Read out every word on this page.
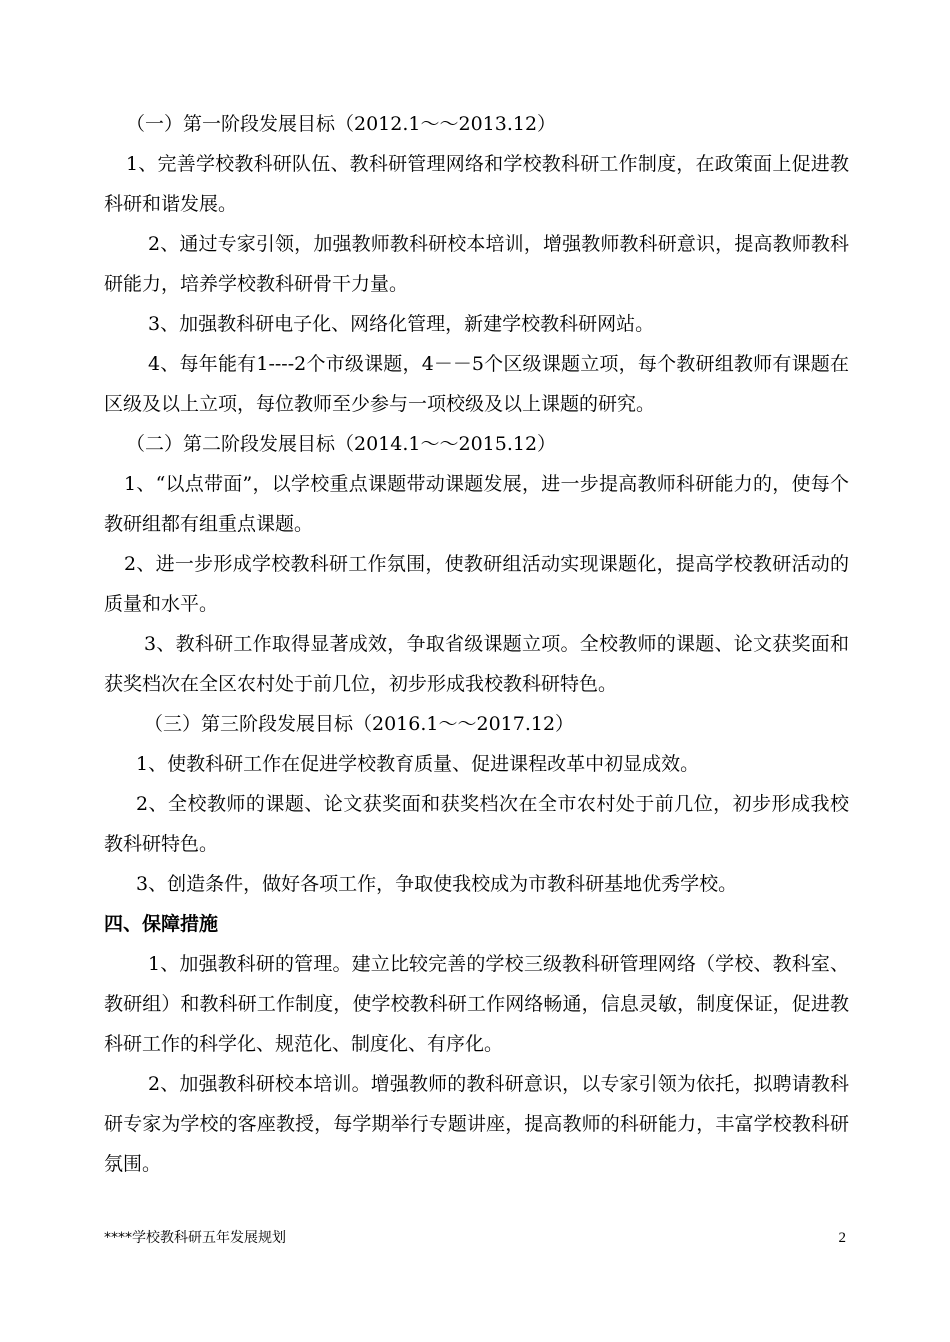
（一）第一阶段发展目标（2012.1～～2013.12）

1、完善学校教科研队伍、教科研管理网络和学校教科研工作制度，在政策面上促进教科研和谐发展。

2、通过专家引领，加强教师教科研校本培训，增强教师教科研意识，提高教师教科研能力，培养学校教科研骨干力量。

3、加强教科研电子化、网络化管理，新建学校教科研网站。

4、每年能有1----2个市级课题，4－－5个区级课题立项，每个教研组教师有课题在区级及以上立项，每位教师至少参与一项校级及以上课题的研究。

（二）第二阶段发展目标（2014.1～～2015.12）

1、“以点带面”，以学校重点课题带动课题发展，进一步提高教师科研能力的，使每个教研组都有组重点课题。

2、进一步形成学校教科研工作氛围，使教研组活动实现课题化，提高学校教研活动的质量和水平。

3、教科研工作取得显著成效，争取省级课题立项。全校教师的课题、论文获奖面和获奖档次在全区农村处于前几位，初步形成我校教科研特色。

（三）第三阶段发展目标（2016.1～～2017.12）

1、使教科研工作在促进学校教育质量、促进课程改革中初显成效。

2、全校教师的课题、论文获奖面和获奖档次在全市农村处于前几位，初步形成我校教科研特色。

3、创造条件，做好各项工作，争取使我校成为市教科研基地优秀学校。

四、保障措施

1、加强教科研的管理。建立比较完善的学校三级教科研管理网络（学校、教科室、教研组）和教科研工作制度，使学校教科研工作网络畅通，信息灵敏，制度保证，促进教科研工作的科学化、规范化、制度化、有序化。

2、加强教科研校本培训。增强教师的教科研意识，以专家引领为依托，拟聘请教科研专家为学校的客座教授，每学期举行专题讲座，提高教师的科研能力，丰富学校教科研氛围。

****学校教科研五年发展规划	2
